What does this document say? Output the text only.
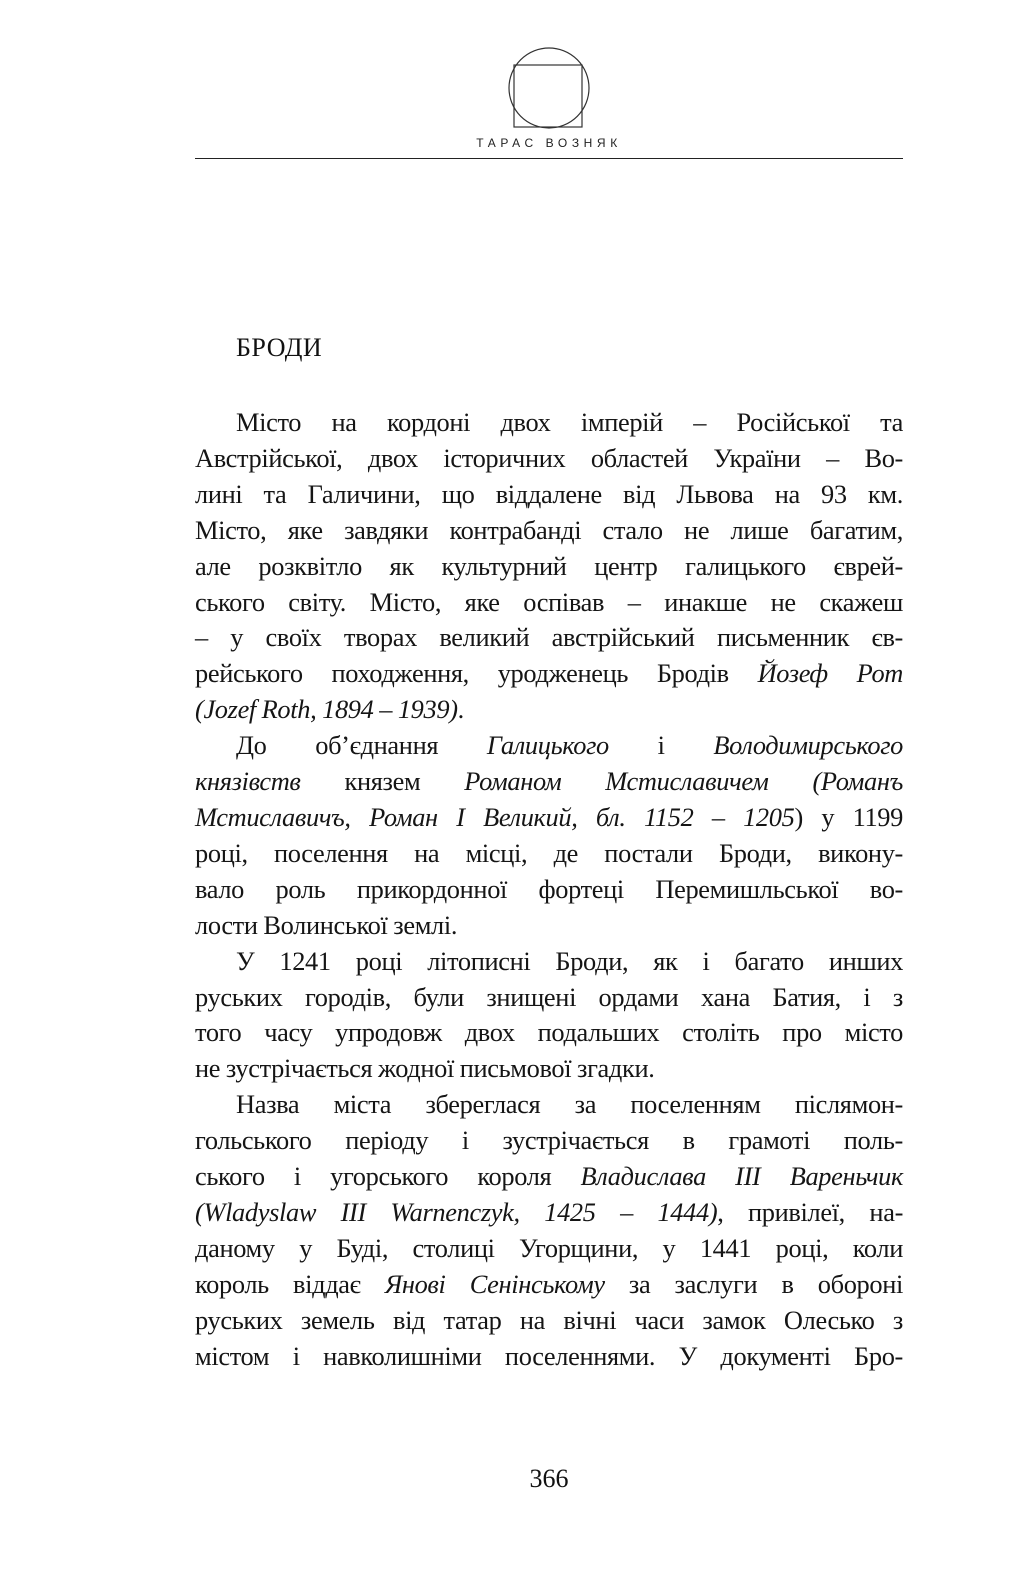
ТАРАС ВОЗНЯК
БРОДИ
Місто на кордоні двох імперій – Російської та
Австрійської, двох історичних областей України – Во-
лині та Галичини, що віддалене від Львова на 93 км.
Місто, яке завдяки контрабанді стало не лише багатим,
але розквітло як культурний центр галицького єврей-
ського світу. Місто, яке оспівав – инакше не скажеш
– у своїх творах великий австрійський письменник єв-
рейського походження, уродженець Бродів Йозеф Рот
(Jozef Roth, 1894 – 1939).
До об’єднання Галицького і Володимирського
князівств князем Романом Мстиславичем (Романъ
Мстиславичъ, Роман I Великий, бл. 1152 – 1205) у 1199
році, поселення на місці, де постали Броди, викону-
вало роль прикордонної фортеці Перемишльської во-
лости Волинської землі.
У 1241 році літописні Броди, як і багато инших
руських городів, були знищені ордами хана Батия, і з
того часу упродовж двох подальших століть про місто
не зустрічається жодної письмової згадки.
Назва міста збереглася за поселенням післямон-
гольського періоду і зустрічається в грамоті поль-
ського і угорського короля Владислава III Вареньчик
(Wladyslaw III Warnenczyk, 1425 – 1444), привілеї, на-
даному у Буді, столиці Угорщини, у 1441 році, коли
король віддає Янові Сенінському за заслуги в обороні
руських земель від татар на вічні часи замок Олесько з
містом і навколишніми поселеннями. У документі Бро-
366
